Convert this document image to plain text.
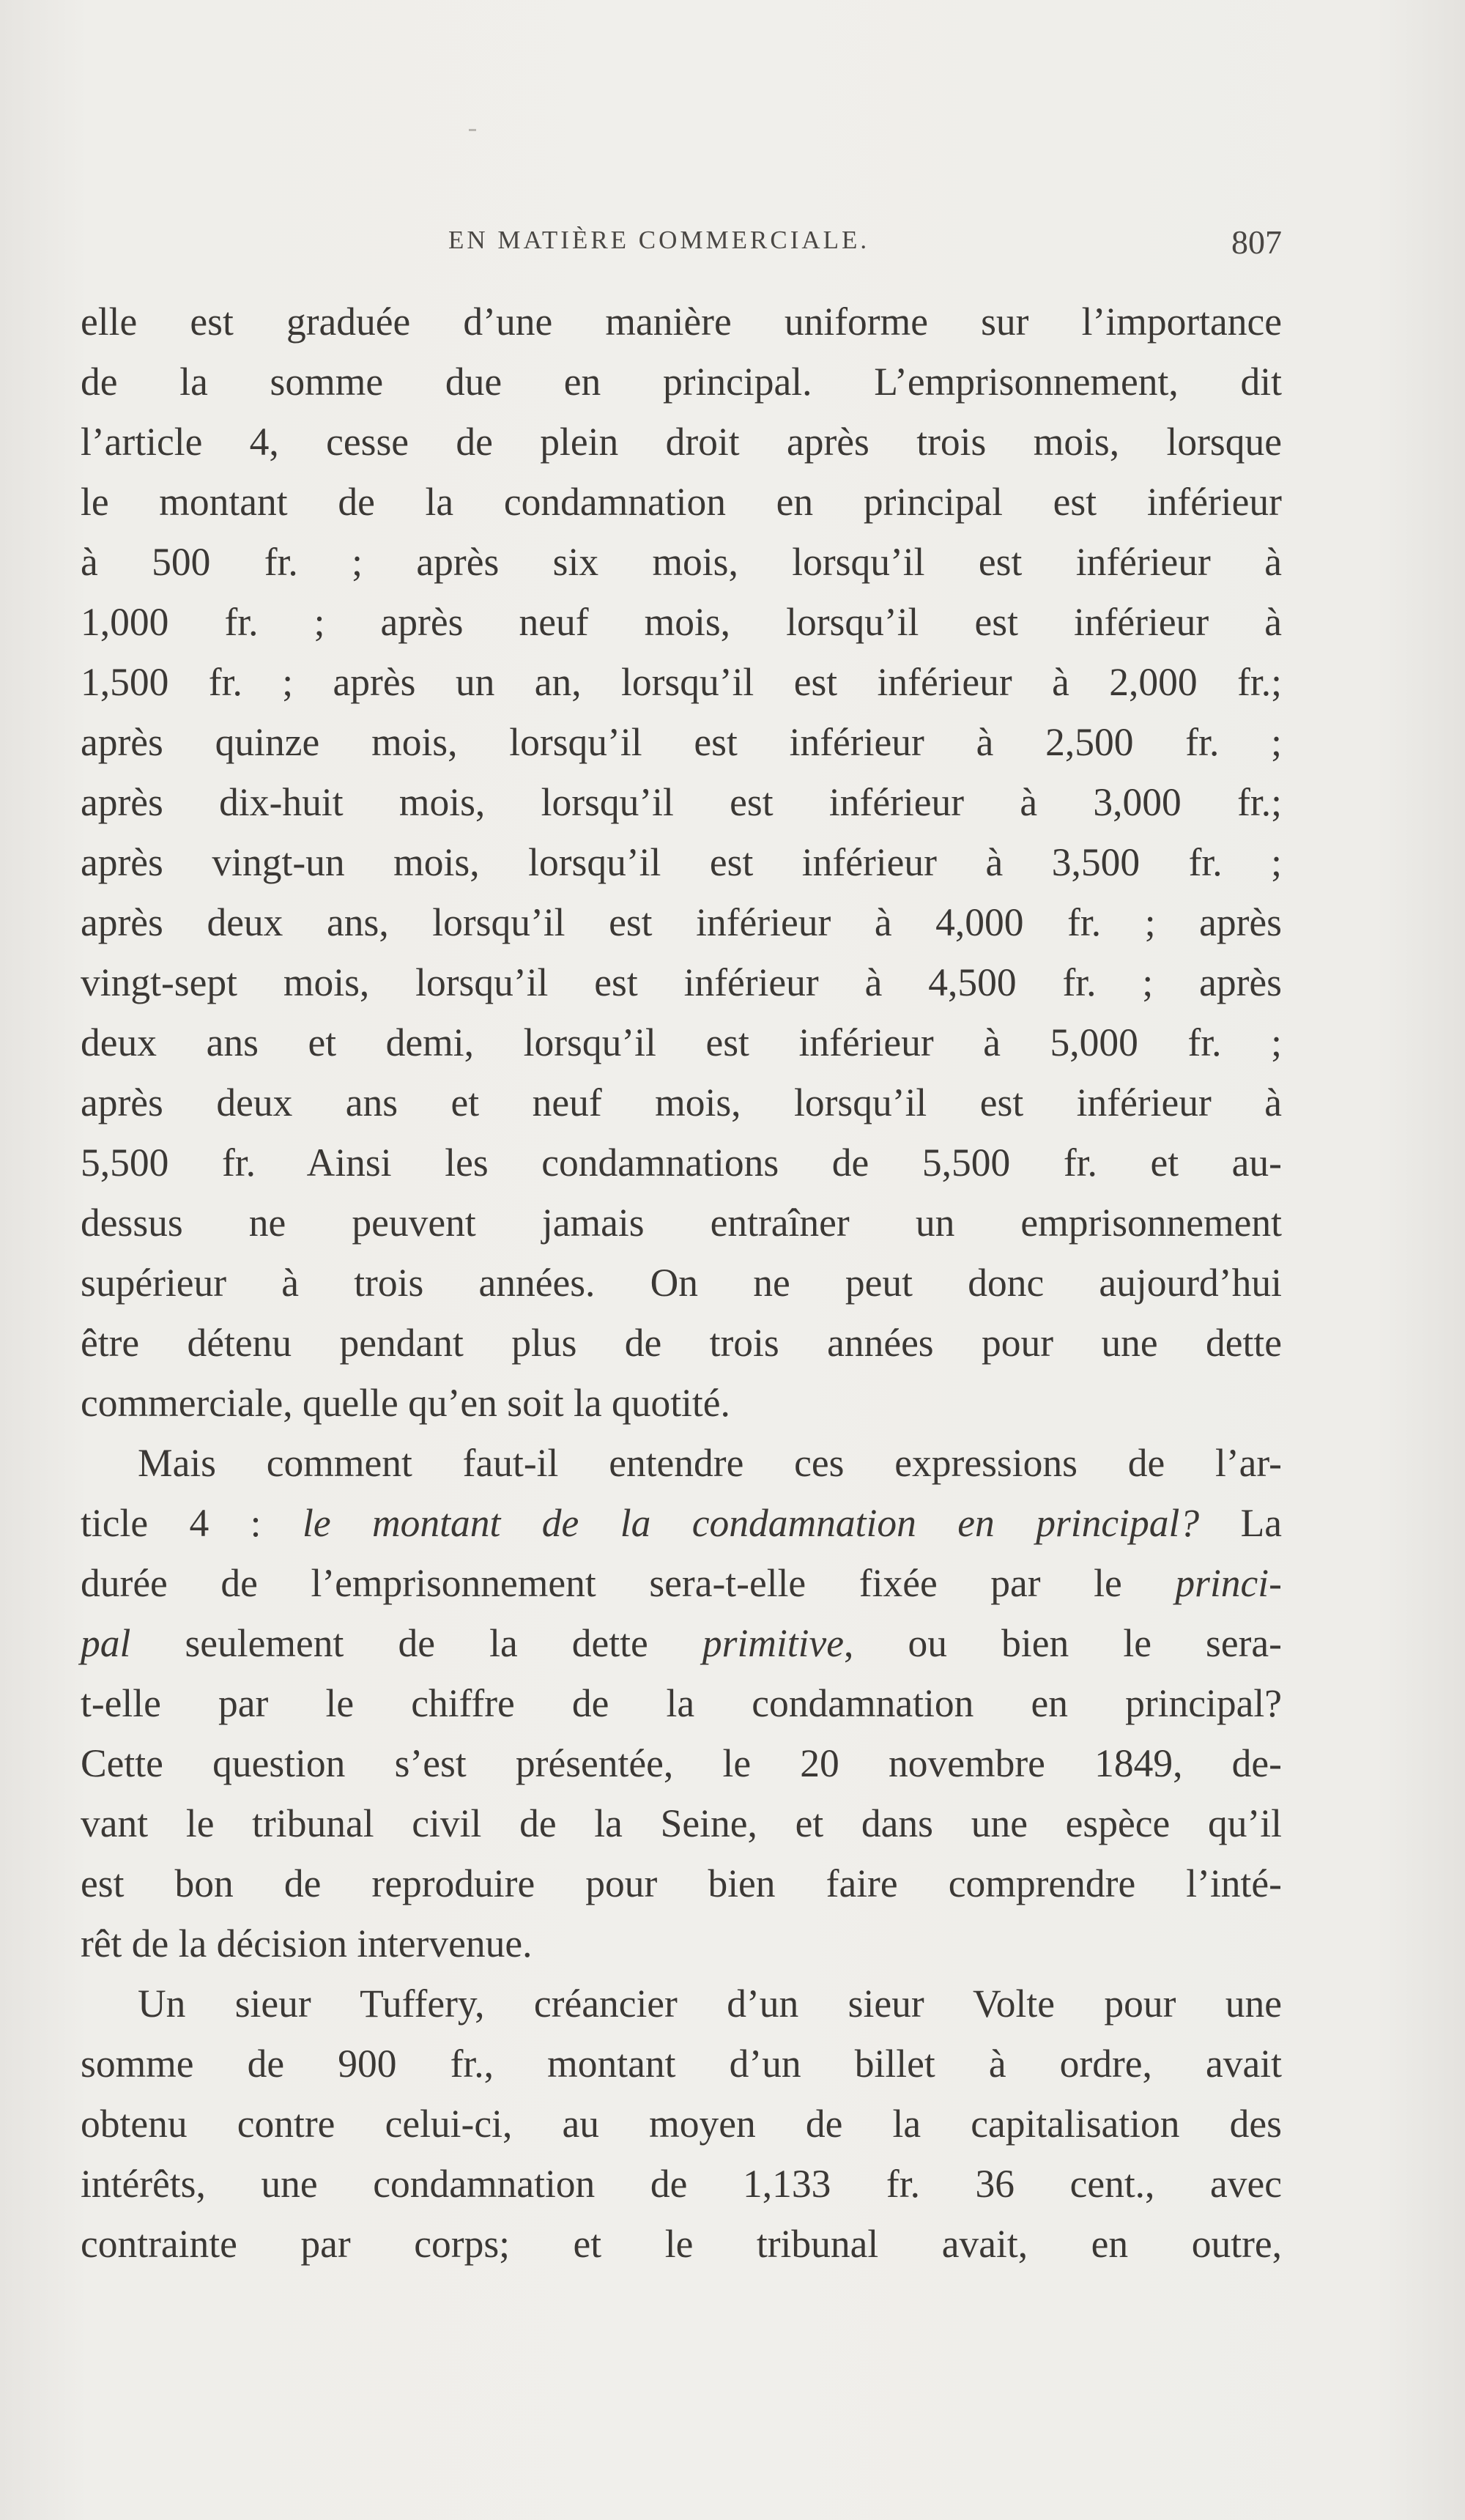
EN MATIÈRE COMMERCIALE.	807
elle est graduée d’une manière uniforme sur l’importance
de la somme due en principal. L’emprisonnement, dit
l’article 4, cesse de plein droit après trois mois, lorsque
le montant de la condamnation en principal est inférieur
à 500 fr. ; après six mois, lorsqu’il est inférieur à
1,000 fr. ; après neuf mois, lorsqu’il est inférieur à
1,500 fr. ; après un an, lorsqu’il est inférieur à 2,000 fr.;
après quinze mois, lorsqu’il est inférieur à 2,500 fr. ;
après dix-huit mois, lorsqu’il est inférieur à 3,000 fr.;
après vingt-un mois, lorsqu’il est inférieur à 3,500 fr. ;
après deux ans, lorsqu’il est inférieur à 4,000 fr. ; après
vingt-sept mois, lorsqu’il est inférieur à 4,500 fr. ; après
deux ans et demi, lorsqu’il est inférieur à 5,000 fr. ;
après deux ans et neuf mois, lorsqu’il est inférieur à
5,500 fr. Ainsi les condamnations de 5,500 fr. et au-
dessus ne peuvent jamais entraîner un emprisonnement
supérieur à trois années. On ne peut donc aujourd’hui
être détenu pendant plus de trois années pour une dette
commerciale, quelle qu’en soit la quotité.
Mais comment faut-il entendre ces expressions de l’ar-
ticle 4 : le montant de la condamnation en principal? La
durée de l’emprisonnement sera-t-elle fixée par le princi-
pal seulement de la dette primitive, ou bien le sera-
t-elle par le chiffre de la condamnation en principal?
Cette question s’est présentée, le 20 novembre 1849, de-
vant le tribunal civil de la Seine, et dans une espèce qu’il
est bon de reproduire pour bien faire comprendre l’inté-
rêt de la décision intervenue.
Un sieur Tuffery, créancier d’un sieur Volte pour une
somme de 900 fr., montant d’un billet à ordre, avait
obtenu contre celui-ci, au moyen de la capitalisation des
intérêts, une condamnation de 1,133 fr. 36 cent., avec
contrainte par corps; et le tribunal avait, en outre,
